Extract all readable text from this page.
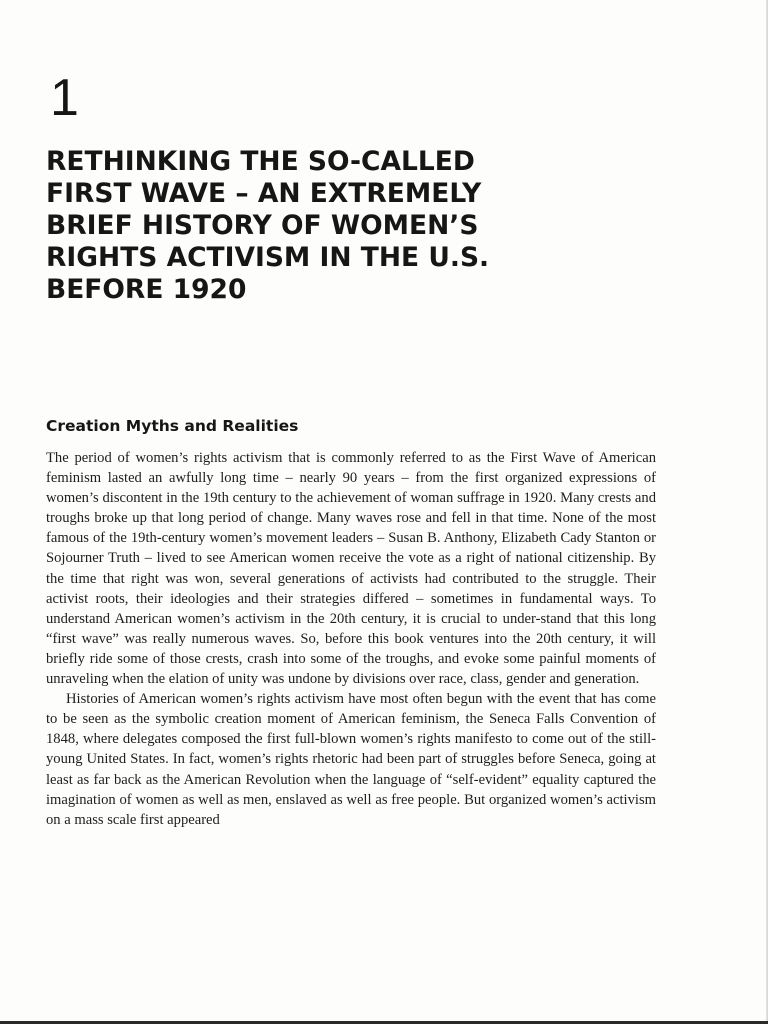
1
RETHINKING THE SO-CALLED
FIRST WAVE – AN EXTREMELY
BRIEF HISTORY OF WOMEN’S
RIGHTS ACTIVISM IN THE U.S.
BEFORE 1920
Creation Myths and Realities

The period of women’s rights activism that is commonly referred to as the First Wave of American feminism lasted an awfully long time – nearly 90 years – from the first organized expressions of women’s discontent in the 19th century to the achievement of woman suffrage in 1920. Many crests and troughs broke up that long period of change. Many waves rose and fell in that time. None of the most famous of the 19th-century women’s movement leaders – Susan B. Anthony, Elizabeth Cady Stanton or Sojourner Truth – lived to see American women receive the vote as a right of national citizenship. By the time that right was won, several generations of activists had contributed to the struggle. Their activist roots, their ideologies and their strategies differed – sometimes in fundamental ways. To understand American women’s activism in the 20th century, it is crucial to under-stand that this long “first wave” was really numerous waves. So, before this book ventures into the 20th century, it will briefly ride some of those crests, crash into some of the troughs, and evoke some painful moments of unraveling when the elation of unity was undone by divisions over race, class, gender and generation.

Histories of American women’s rights activism have most often begun with the event that has come to be seen as the symbolic creation moment of American feminism, the Seneca Falls Convention of 1848, where delegates composed the first full-blown women’s rights manifesto to come out of the still-young United States. In fact, women’s rights rhetoric had been part of struggles before Seneca, going at least as far back as the American Revolution when the language of “self-evident” equality captured the imagination of women as well as men, enslaved as well as free people. But organized women’s activism on a mass scale first appeared
